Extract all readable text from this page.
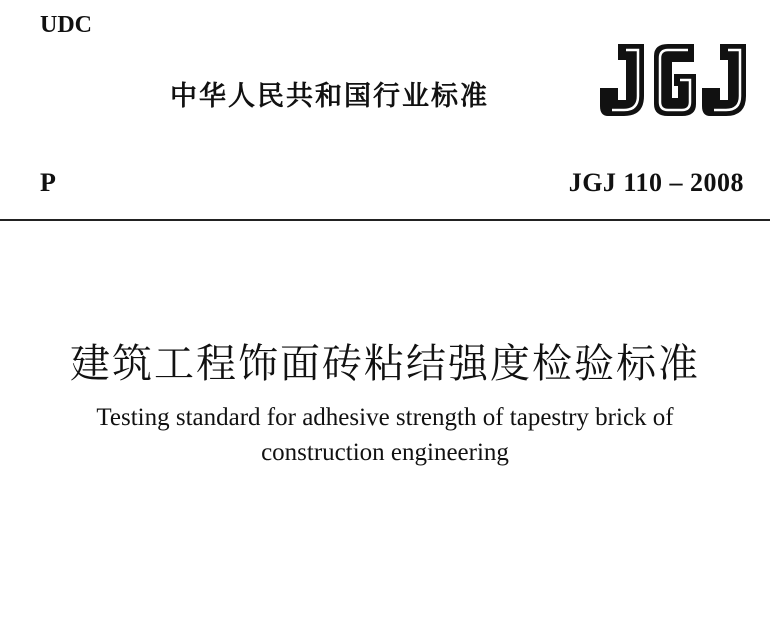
UDC
中华人民共和国行业标准
P	JGJ 110 – 2008
建筑工程饰面砖粘结强度检验标准
Testing standard for adhesive strength of tapestry brick of construction engineering
